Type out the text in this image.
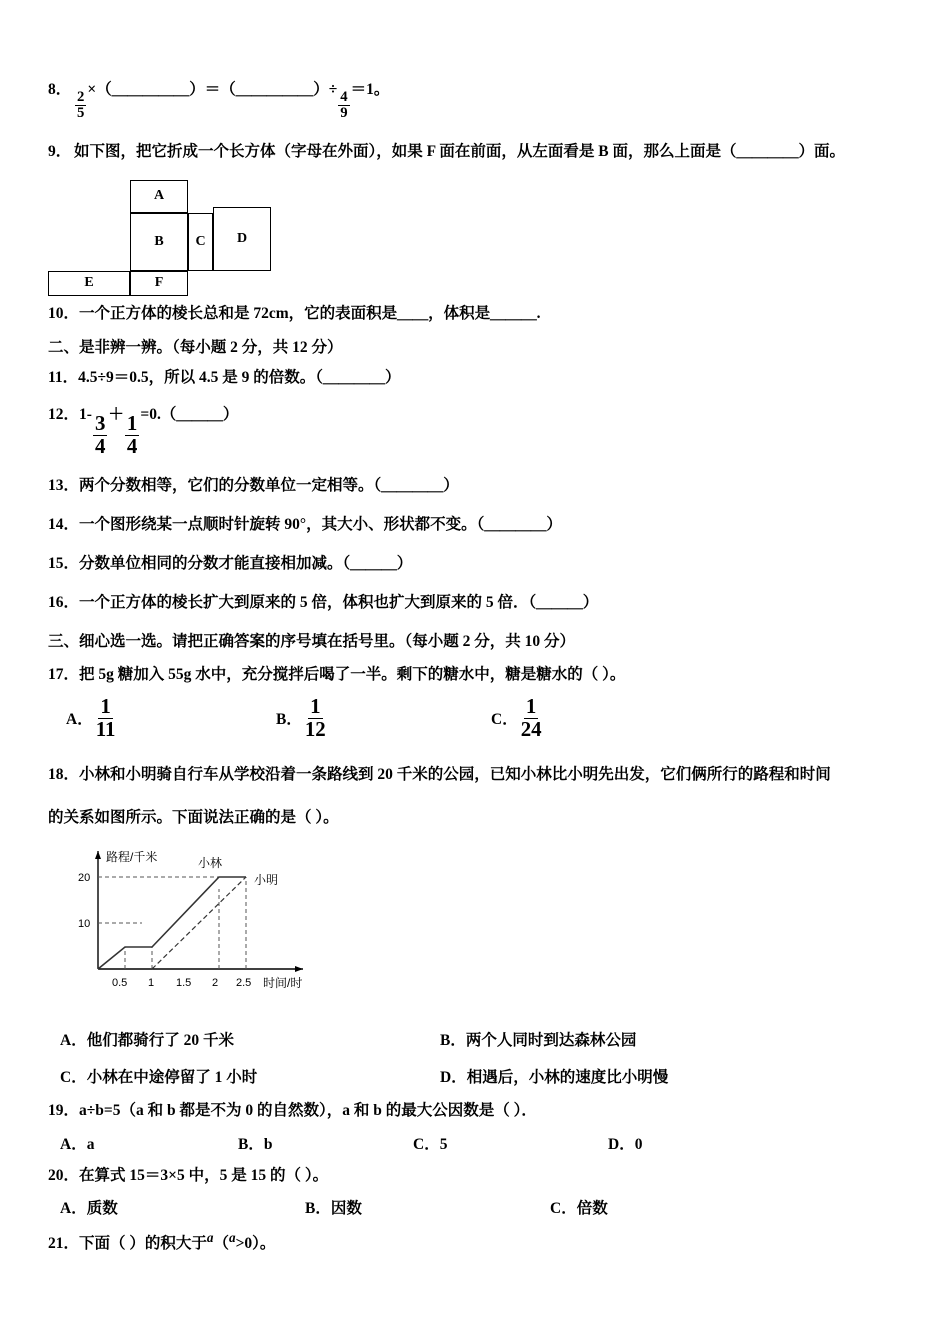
8．
$\frac{2}{5}$
×（＿＿＿＿＿）＝（＿＿＿＿＿）÷
$\frac{4}{9}$
＝1。
9． 如下图，把它折成一个长方体（字母在外面），如果 F 面在前面，从左面看是 B 面，那么上面是（＿＿＿＿）面。
A
B	C	D
E	F
10．一个正方体的棱长总和是 72cm，它的表面积是＿＿，体积是＿＿＿.
二、是非辨一辨。（每小题 2 分，共 12 分）
11．4.5÷9＝0.5，所以 4.5 是 9 的倍数。（＿＿＿＿）
12．$1- \frac{3}{4} + \frac{1}{4}$ =0.（＿＿＿）
13．两个分数相等，它们的分数单位一定相等。（＿＿＿＿）
14．一个图形绕某一点顺时针旋转 90°，其大小、形状都不变。（＿＿＿＿）
15．分数单位相同的分数才能直接相加减。（＿＿＿）
16．一个正方体的棱长扩大到原来的 5 倍，体积也扩大到原来的 5 倍．（＿＿＿）
三、细心选一选。请把正确答案的序号填在括号里。（每小题 2 分，共 10 分）
17．把 5g 糖加入 55g 水中，充分搅拌后喝了一半。剩下的糖水中，糖是糖水的（ ）。
A． $\frac{1}{11}$	B． $\frac{1}{12}$	C． $\frac{1}{24}$
18．小林和小明骑自行车从学校沿着一条路线到 20 千米的公园，已知小林比小明先出发，它们俩所行的路程和时间
的关系如图所示。下面说法正确的是（ ）。
路程/千米
时间/时
20
10
0.5 1 1.5 2 2.5
小林
小明
A．他们都骑行了 20 千米	B．两个人同时到达森林公园
C．小林在中途停留了 1 小时	D．相遇后，小林的速度比小明慢
19．a÷b=5（a 和 b 都是不为 0 的自然数），a 和 b 的最大公因数是（ ）．
A．a	B．b	C．5	D．0
20．在算式 15＝3×5 中，5 是 15 的（ ）。
A．质数	B．因数	C．倍数
21．下面（ ）的积大于$^a$（$^a$>0）。
